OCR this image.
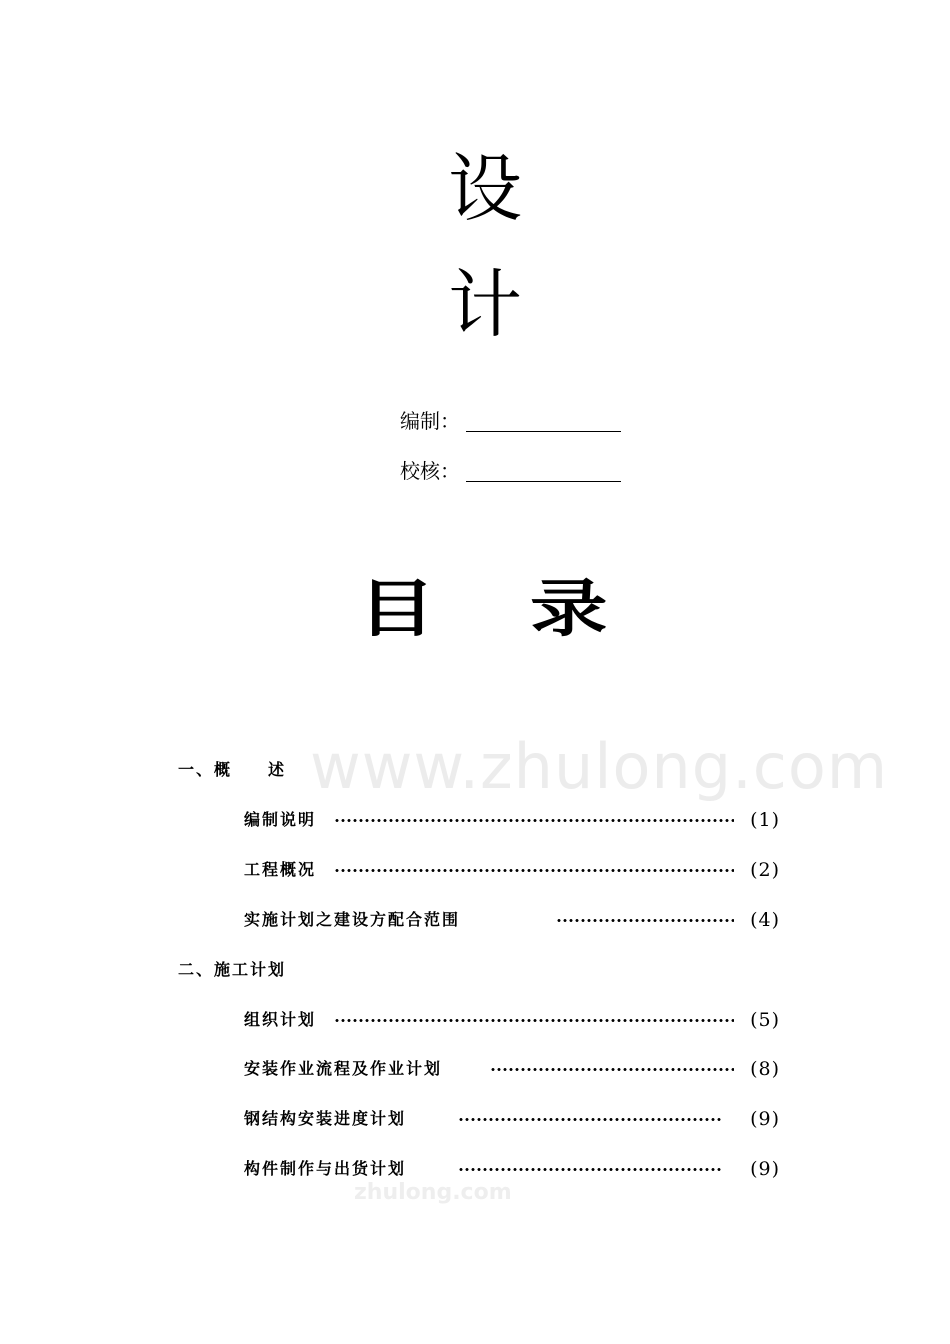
设
计
编制：
校核：
目 录
www.zhulong.com
一、概　　述
编制说明	(1)
工程概况	(2)
实施计划之建设方配合范围	(4)
二、施工计划
组织计划	(5)
安装作业流程及作业计划	(8)
钢结构安装进度计划	(9)
构件制作与出货计划	(9)
zhulong.com
